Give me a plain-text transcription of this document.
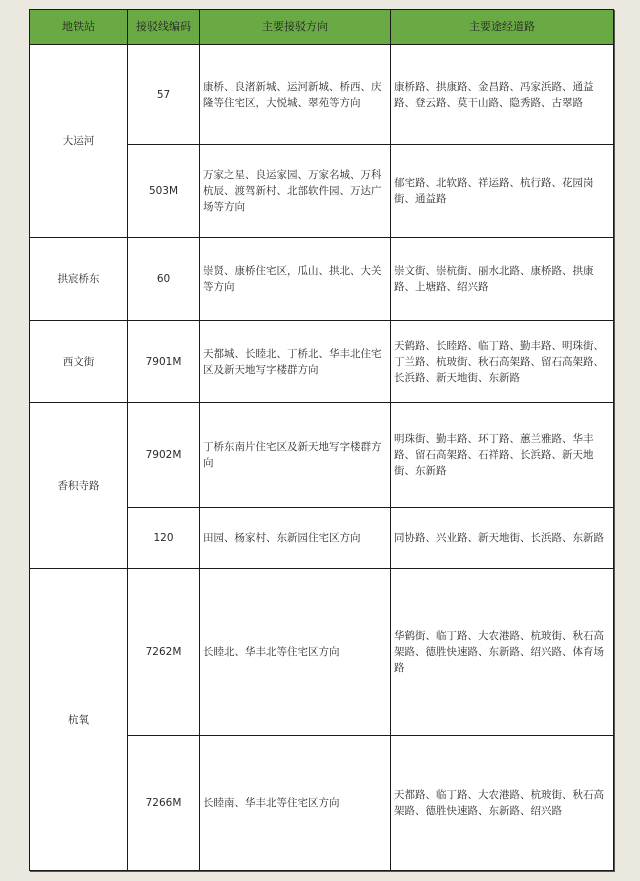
地铁站	接驳线编码	主要接驳方向	主要途经道路
大运河	57	康桥、良渚新城、运河新城、桥西、庆隆等住宅区，大悦城、翠苑等方向	康桥路、拱康路、金昌路、冯家浜路、通益路、登云路、莫干山路、隐秀路、古翠路
	503M	万家之星、良运家园、万家名城、万科杭辰、渡驾新村、北部软件园、万达广场等方向	郁宅路、北软路、祥运路、杭行路、花园岗街、通益路
拱宸桥东	60	崇贤、康桥住宅区，瓜山、拱北、大关等方向	崇文街、崇杭街、丽水北路、康桥路、拱康路、上塘路、绍兴路
西文街	7901M	天都城、长睦北、丁桥北、华丰北住宅区及新天地写字楼群方向	天鹤路、长睦路、临丁路、勤丰路、明珠街、丁兰路、杭玻街、秋石高架路、留石高架路、长浜路、新天地街、东新路
香积寺路	7902M	丁桥东南片住宅区及新天地写字楼群方向	明珠街、勤丰路、环丁路、蕙兰雅路、华丰路、留石高架路、石祥路、长浜路、新天地街、东新路
	120	田园、杨家村、东新园住宅区方向	同协路、兴业路、新天地街、长浜路、东新路
杭氧	7262M	长睦北、华丰北等住宅区方向	华鹤街、临丁路、大农港路、杭玻街、秋石高架路、德胜快速路、东新路、绍兴路、体育场路
	7266M	长睦南、华丰北等住宅区方向	天都路、临丁路、大农港路、杭玻街、秋石高架路、德胜快速路、东新路、绍兴路
